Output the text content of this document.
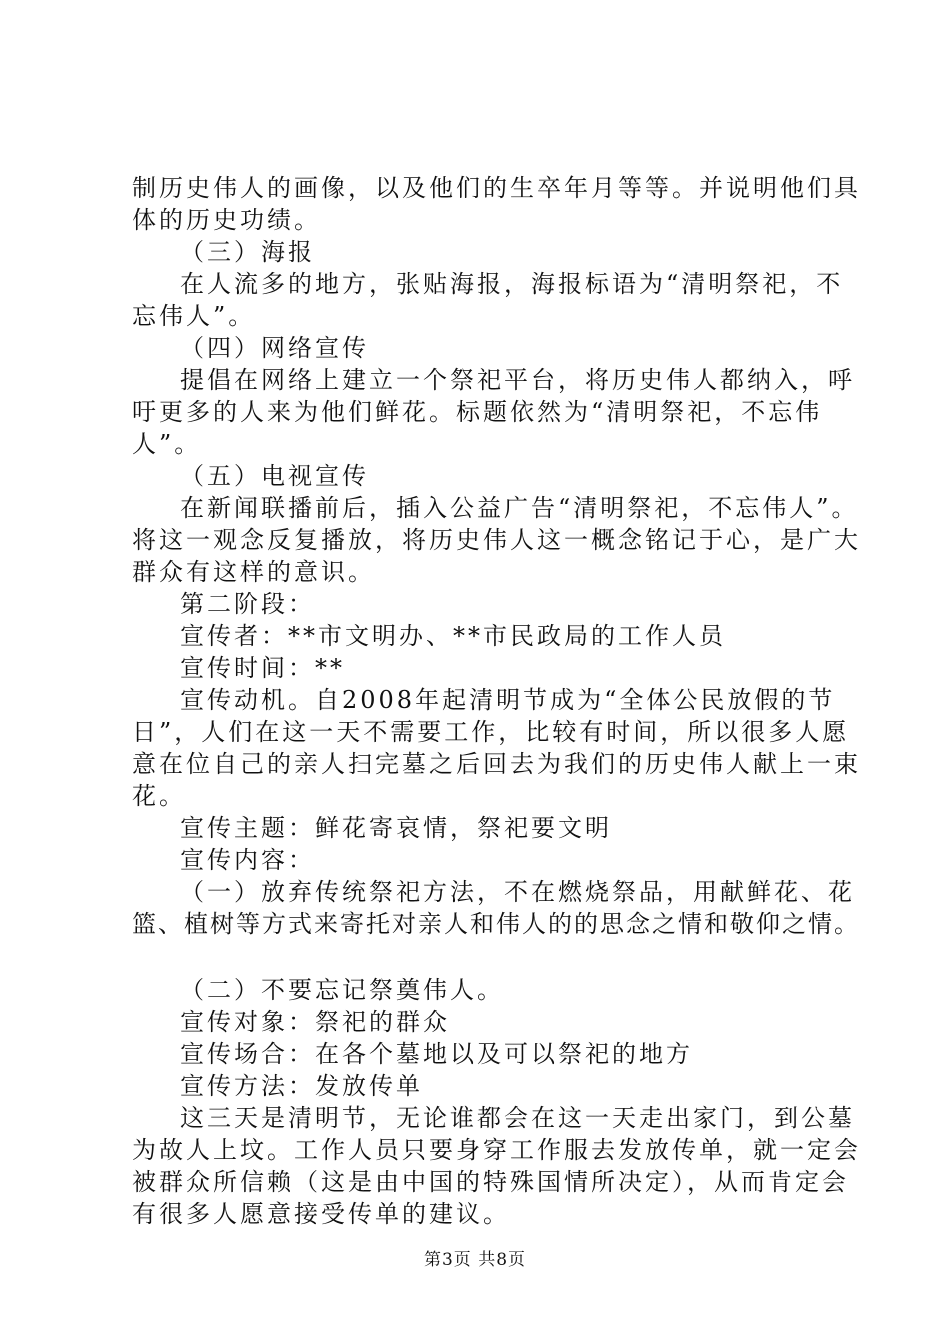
制历史伟人的画像，以及他们的生卒年月等等。并说明他们具
体的历史功绩。
（三）海报
在人流多的地方，张贴海报，海报标语为“清明祭祀，不
忘伟人”。
（四）网络宣传
提倡在网络上建立一个祭祀平台，将历史伟人都纳入，呼
吁更多的人来为他们鲜花。标题依然为“清明祭祀，不忘伟
人”。
（五）电视宣传
在新闻联播前后，插入公益广告“清明祭祀，不忘伟人”。
将这一观念反复播放，将历史伟人这一概念铭记于心，是广大
群众有这样的意识。
第二阶段：
宣传者：**市文明办、**市民政局的工作人员
宣传时间：**
宣传动机。自2008年起清明节成为“全体公民放假的节
日”，人们在这一天不需要工作，比较有时间，所以很多人愿
意在位自己的亲人扫完墓之后回去为我们的历史伟人献上一束
花。
宣传主题：鲜花寄哀情，祭祀要文明
宣传内容：
（一）放弃传统祭祀方法，不在燃烧祭品，用献鲜花、花
篮、植树等方式来寄托对亲人和伟人的的思念之情和敬仰之情。
（二）不要忘记祭奠伟人。
宣传对象：祭祀的群众
宣传场合：在各个墓地以及可以祭祀的地方
宣传方法：发放传单
这三天是清明节，无论谁都会在这一天走出家门，到公墓
为故人上坟。工作人员只要身穿工作服去发放传单，就一定会
被群众所信赖（这是由中国的特殊国情所决定），从而肯定会
有很多人愿意接受传单的建议。
第3页 共8页
